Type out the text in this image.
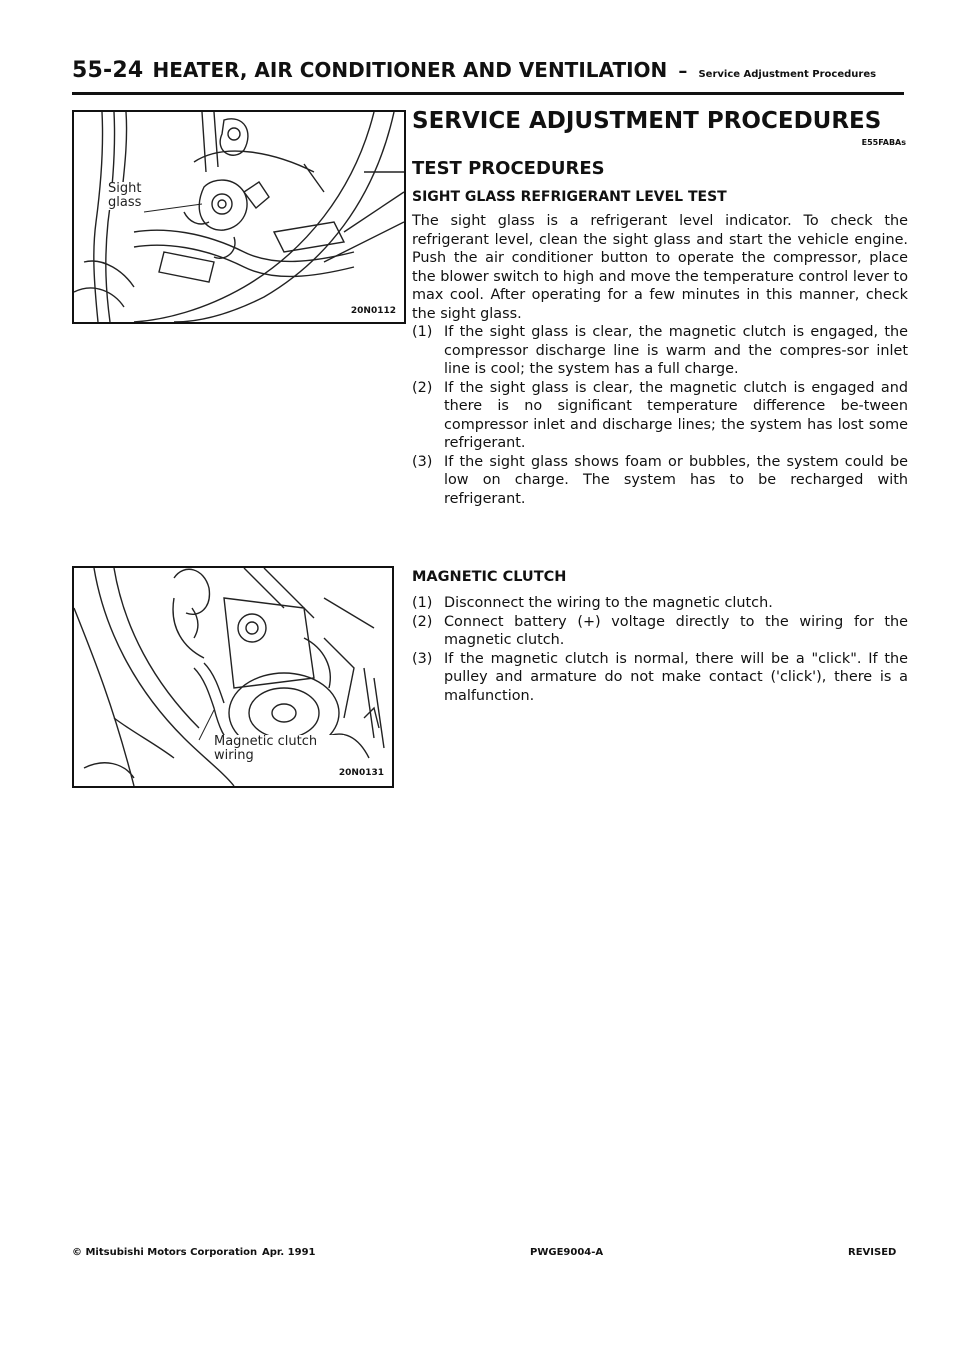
55-24 HEATER, AIR CONDITIONER AND VENTILATION – Service Adjustment Procedures
Sight glass
20N0112
Magnetic clutch wiring
20N0131
SERVICE ADJUSTMENT PROCEDURES
E55FABAs
TEST PROCEDURES
SIGHT GLASS REFRIGERANT LEVEL TEST

The sight glass is a refrigerant level indicator. To check the refrigerant level, clean the sight glass and start the vehicle engine. Push the air conditioner button to operate the compressor, place the blower switch to high and move the temperature control lever to max cool. After operating for a few minutes in this manner, check the sight glass.

(1) If the sight glass is clear, the magnetic clutch is engaged, the compressor discharge line is warm and the compres-sor inlet line is cool; the system has a full charge.
(2) If the sight glass is clear, the magnetic clutch is engaged and there is no significant temperature difference be-tween compressor inlet and discharge lines; the system has lost some refrigerant.
(3) If the sight glass shows foam or bubbles, the system could be low on charge. The system has to be recharged with refrigerant.
MAGNETIC CLUTCH
(1) Disconnect the wiring to the magnetic clutch.
(2) Connect battery (+) voltage directly to the wiring for the magnetic clutch.
(3) If the magnetic clutch is normal, there will be a "click". If the pulley and armature do not make contact ('click'), there is a malfunction.
© Mitsubishi Motors Corporation Apr. 1991	PWGE9004-A	REVISED
